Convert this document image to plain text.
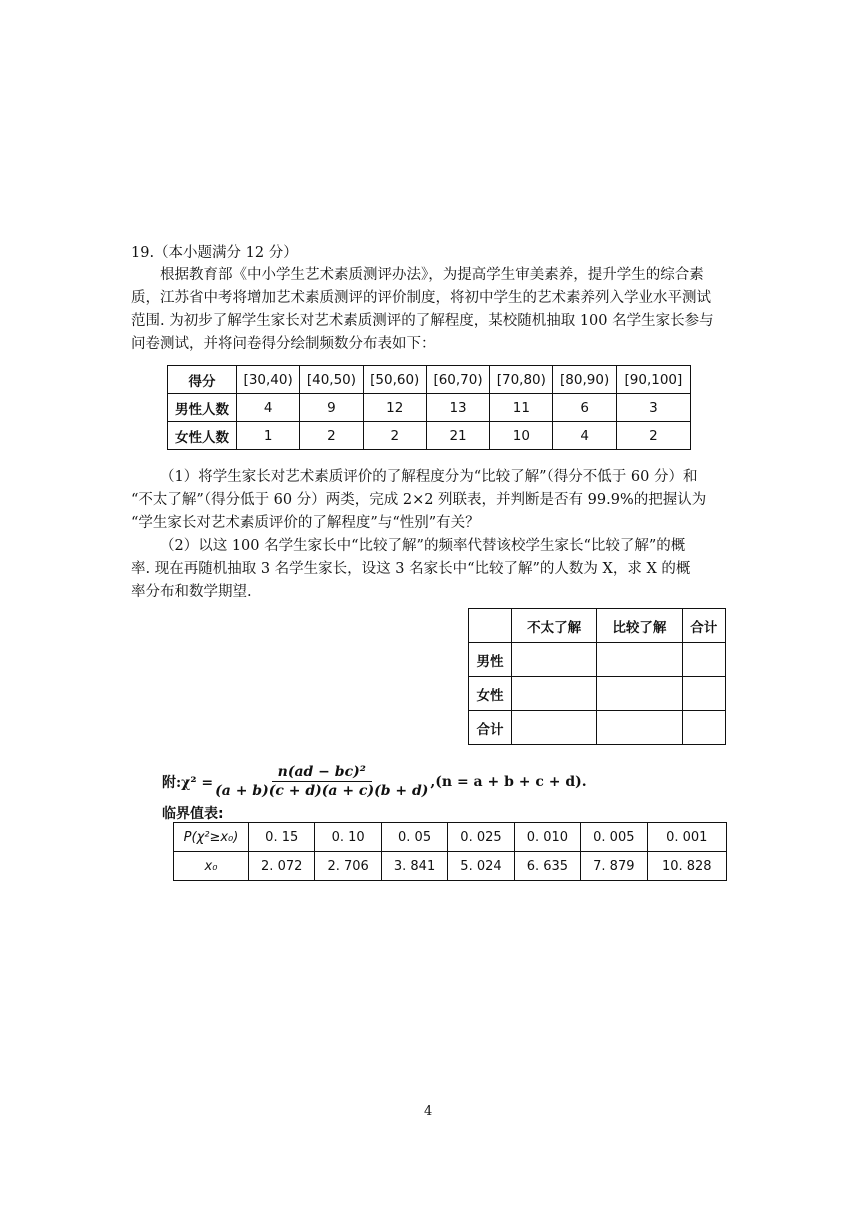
19.（本小题满分 12 分）
根据教育部《中小学生艺术素质测评办法》，为提高学生审美素养，提升学生的综合素
质，江苏省中考将增加艺术素质测评的评价制度，将初中学生的艺术素养列入学业水平测试
范围. 为初步了解学生家长对艺术素质测评的了解程度，某校随机抽取 100 名学生家长参与
问卷测试，并将问卷得分绘制频数分布表如下：
得分	[30,40)	[40,50)	[50,60)	[60,70)	[70,80)	[80,90)	[90,100]
男性人数	4	9	12	13	11	6	3
女性人数	1	2	2	21	10	4	2
（1）将学生家长对艺术素质评价的了解程度分为“比较了解”（得分不低于 60 分）和
“不太了解”（得分低于 60 分）两类，完成 2×2 列联表，并判断是否有 99.9%的把握认为
“学生家长对艺术素质评价的了解程度”与“性别”有关？
（2）以这 100 名学生家长中“比较了解”的频率代替该校学生家长“比较了解”的概
率. 现在再随机抽取 3 名学生家长，设这 3 名家长中“比较了解”的人数为 X，求 X 的概
率分布和数学期望.
	不太了解	比较了解	合计
男性			
女性			
合计			
附:χ² = $\frac{\text{n(ad − bc)²}}{(a + b)(c + d)(a + c)(b + d)} ,(n = a + b + c + d)$.
临界值表:
P(χ²≥x₀)	0. 15	0. 10	0. 05	0. 025	0. 010	0. 005	0. 001
x₀	2. 072	2. 706	3. 841	5. 024	6. 635	7. 879	10. 828
4
